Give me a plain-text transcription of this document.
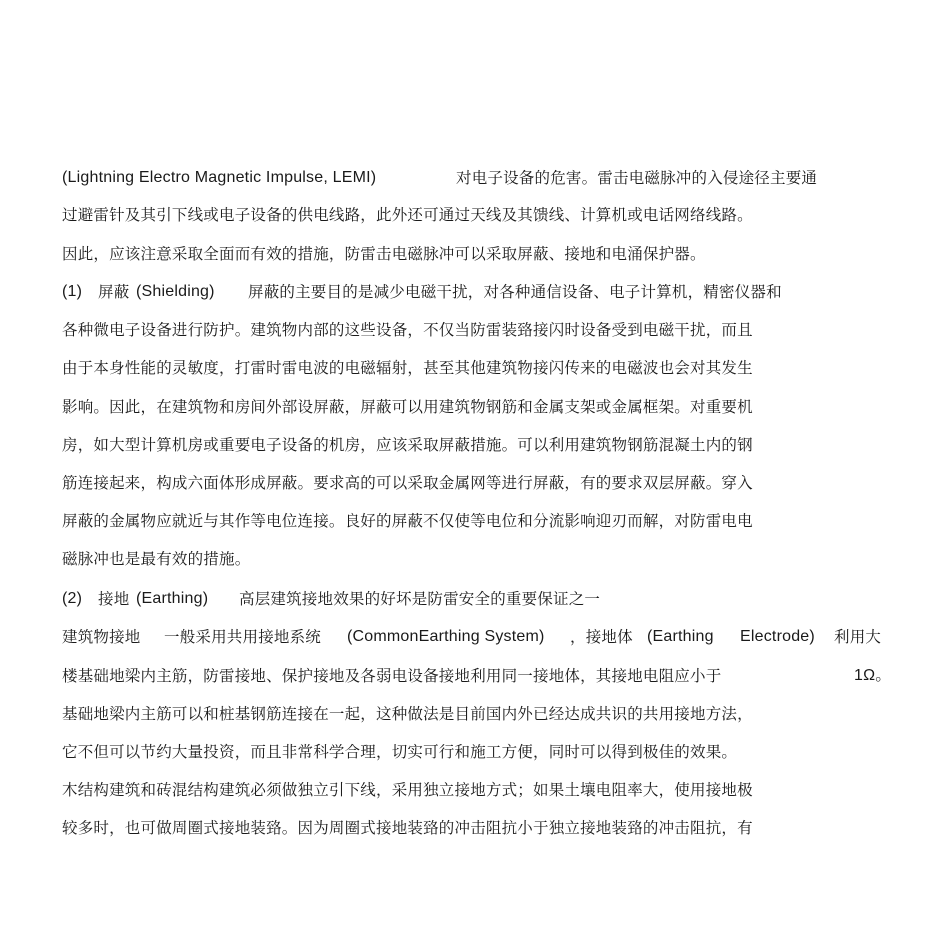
(Lightning Electro Magnetic Impulse, LEMI)	对电子设备的危害。雷击电磁脉冲的入侵途径主要通
过避雷针及其引下线或电子设备的供电线路，此外还可通过天线及其馈线、计算机或电话网络线路。
因此，应该注意采取全面而有效的措施，防雷击电磁脉冲可以采取屏蔽、接地和电涌保护器。
(1) 屏蔽 (Shielding) 屏蔽的主要目的是减少电磁干扰，对各种通信设备、电子计算机，精密仪器和
各种微电子设备进行防护。建筑物内部的这些设备，不仅当防雷装臵接闪时设备受到电磁干扰，而且
由于本身性能的灵敏度，打雷时雷电波的电磁辐射，甚至其他建筑物接闪传来的电磁波也会对其发生
影响。因此，在建筑物和房间外部设屏蔽，屏蔽可以用建筑物钢筋和金属支架或金属框架。对重要机
房，如大型计算机房或重要电子设备的机房，应该采取屏蔽措施。可以利用建筑物钢筋混凝土内的钢
筋连接起来，构成六面体形成屏蔽。要求高的可以采取金属网等进行屏蔽，有的要求双层屏蔽。穿入
屏蔽的金属物应就近与其作等电位连接。良好的屏蔽不仅使等电位和分流影响迎刃而解，对防雷电电
磁脉冲也是最有效的措施。
(2) 接地 (Earthing) 高层建筑接地效果的好坏是防雷安全的重要保证之一
建筑物接地 一般采用共用接地系统 (CommonEarthing System) ，接地体 (Earthing Electrode) 利用大
楼基础地梁内主筋，防雷接地、保护接地及各弱电设备接地利用同一接地体，其接地电阻应小于	1Ω。
基础地梁内主筋可以和桩基钢筋连接在一起，这种做法是目前国内外已经达成共识的共用接地方法，
它不但可以节约大量投资，而且非常科学合理，切实可行和施工方便，同时可以得到极佳的效果。
木结构建筑和砖混结构建筑必须做独立引下线，采用独立接地方式；如果土壤电阻率大，使用接地极
较多时，也可做周圈式接地装臵。因为周圈式接地装臵的冲击阻抗小于独立接地装臵的冲击阻抗，有
